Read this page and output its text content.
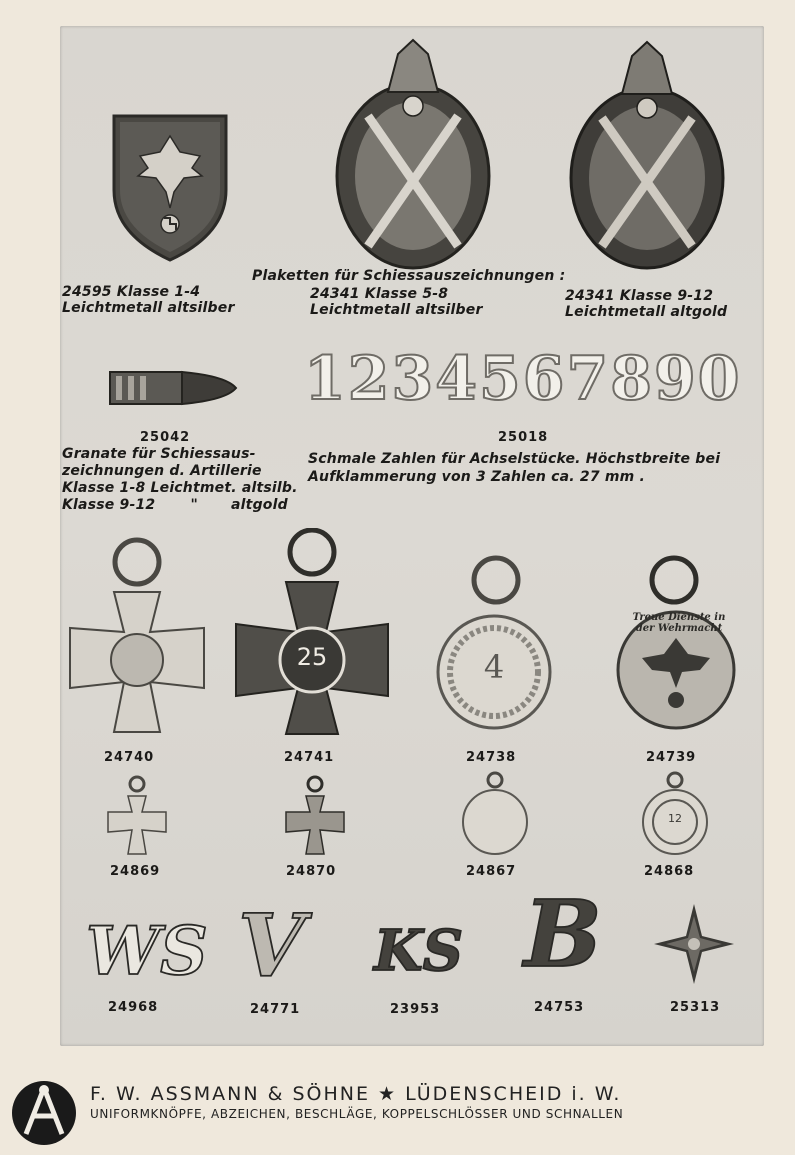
Plaketten für Schiessauszeichnungen :
24595 Klasse 1-4
Leichtmetall altsilber
24341 Klasse 5-8
Leichtmetall altsilber
24341 Klasse 9-12
Leichtmetall altgold
1234567890
25042	25018
Granate für Schiessaus-
zeichnungen d. Artillerie
Klasse 1-8 Leichtmet. altsilb.
Klasse 9-12	" altgold
Schmale Zahlen für Achselstücke. Höchstbreite bei
Aufklammerung von 3 Zahlen ca. 27 mm .
25	4
Treue Dienste in der Wehrmacht
24740	24741	24738	24739
12
24869	24870	24867	24868
WS V KS B
24968	24771	23953	24753	25313
F. W. ASSMANN & SÖHNE ★ LÜDENSCHEID i. W.
UNIFORMKNÖPFE, ABZEICHEN, BESCHLÄGE, KOPPELSCHLÖSSER UND SCHNALLEN
